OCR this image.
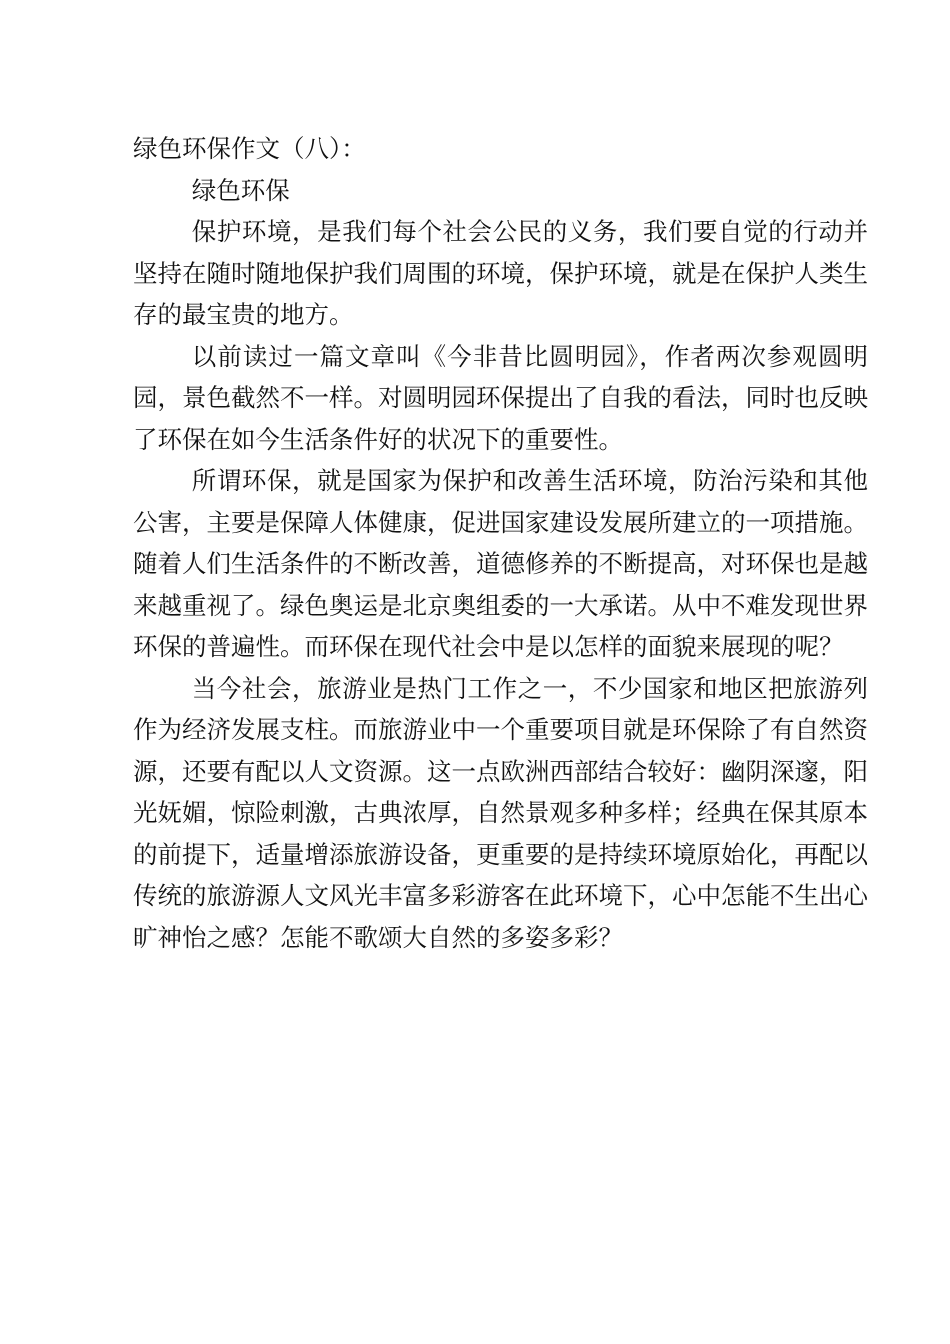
绿色环保作文（八）：
绿色环保

保护环境，是我们每个社会公民的义务，我们要自觉的行动并坚持在随时随地保护我们周围的环境，保护环境，就是在保护人类生存的最宝贵的地方。

以前读过一篇文章叫《今非昔比圆明园》，作者两次参观圆明园，景色截然不一样。对圆明园环保提出了自我的看法，同时也反映了环保在如今生活条件好的状况下的重要性。

所谓环保，就是国家为保护和改善生活环境，防治污染和其他公害，主要是保障人体健康，促进国家建设发展所建立的一项措施。随着人们生活条件的不断改善，道德修养的不断提高，对环保也是越来越重视了。绿色奥运是北京奥组委的一大承诺。从中不难发现世界环保的普遍性。而环保在现代社会中是以怎样的面貌来展现的呢？

当今社会，旅游业是热门工作之一，不少国家和地区把旅游列作为经济发展支柱。而旅游业中一个重要项目就是环保除了有自然资源，还要有配以人文资源。这一点欧洲西部结合较好：幽阴深邃，阳光妩媚，惊险刺激，古典浓厚，自然景观多种多样；经典在保其原本的前提下，适量增添旅游设备，更重要的是持续环境原始化，再配以传统的旅游源人文风光丰富多彩游客在此环境下，心中怎能不生出心旷神怡之感？怎能不歌颂大自然的多姿多彩？
